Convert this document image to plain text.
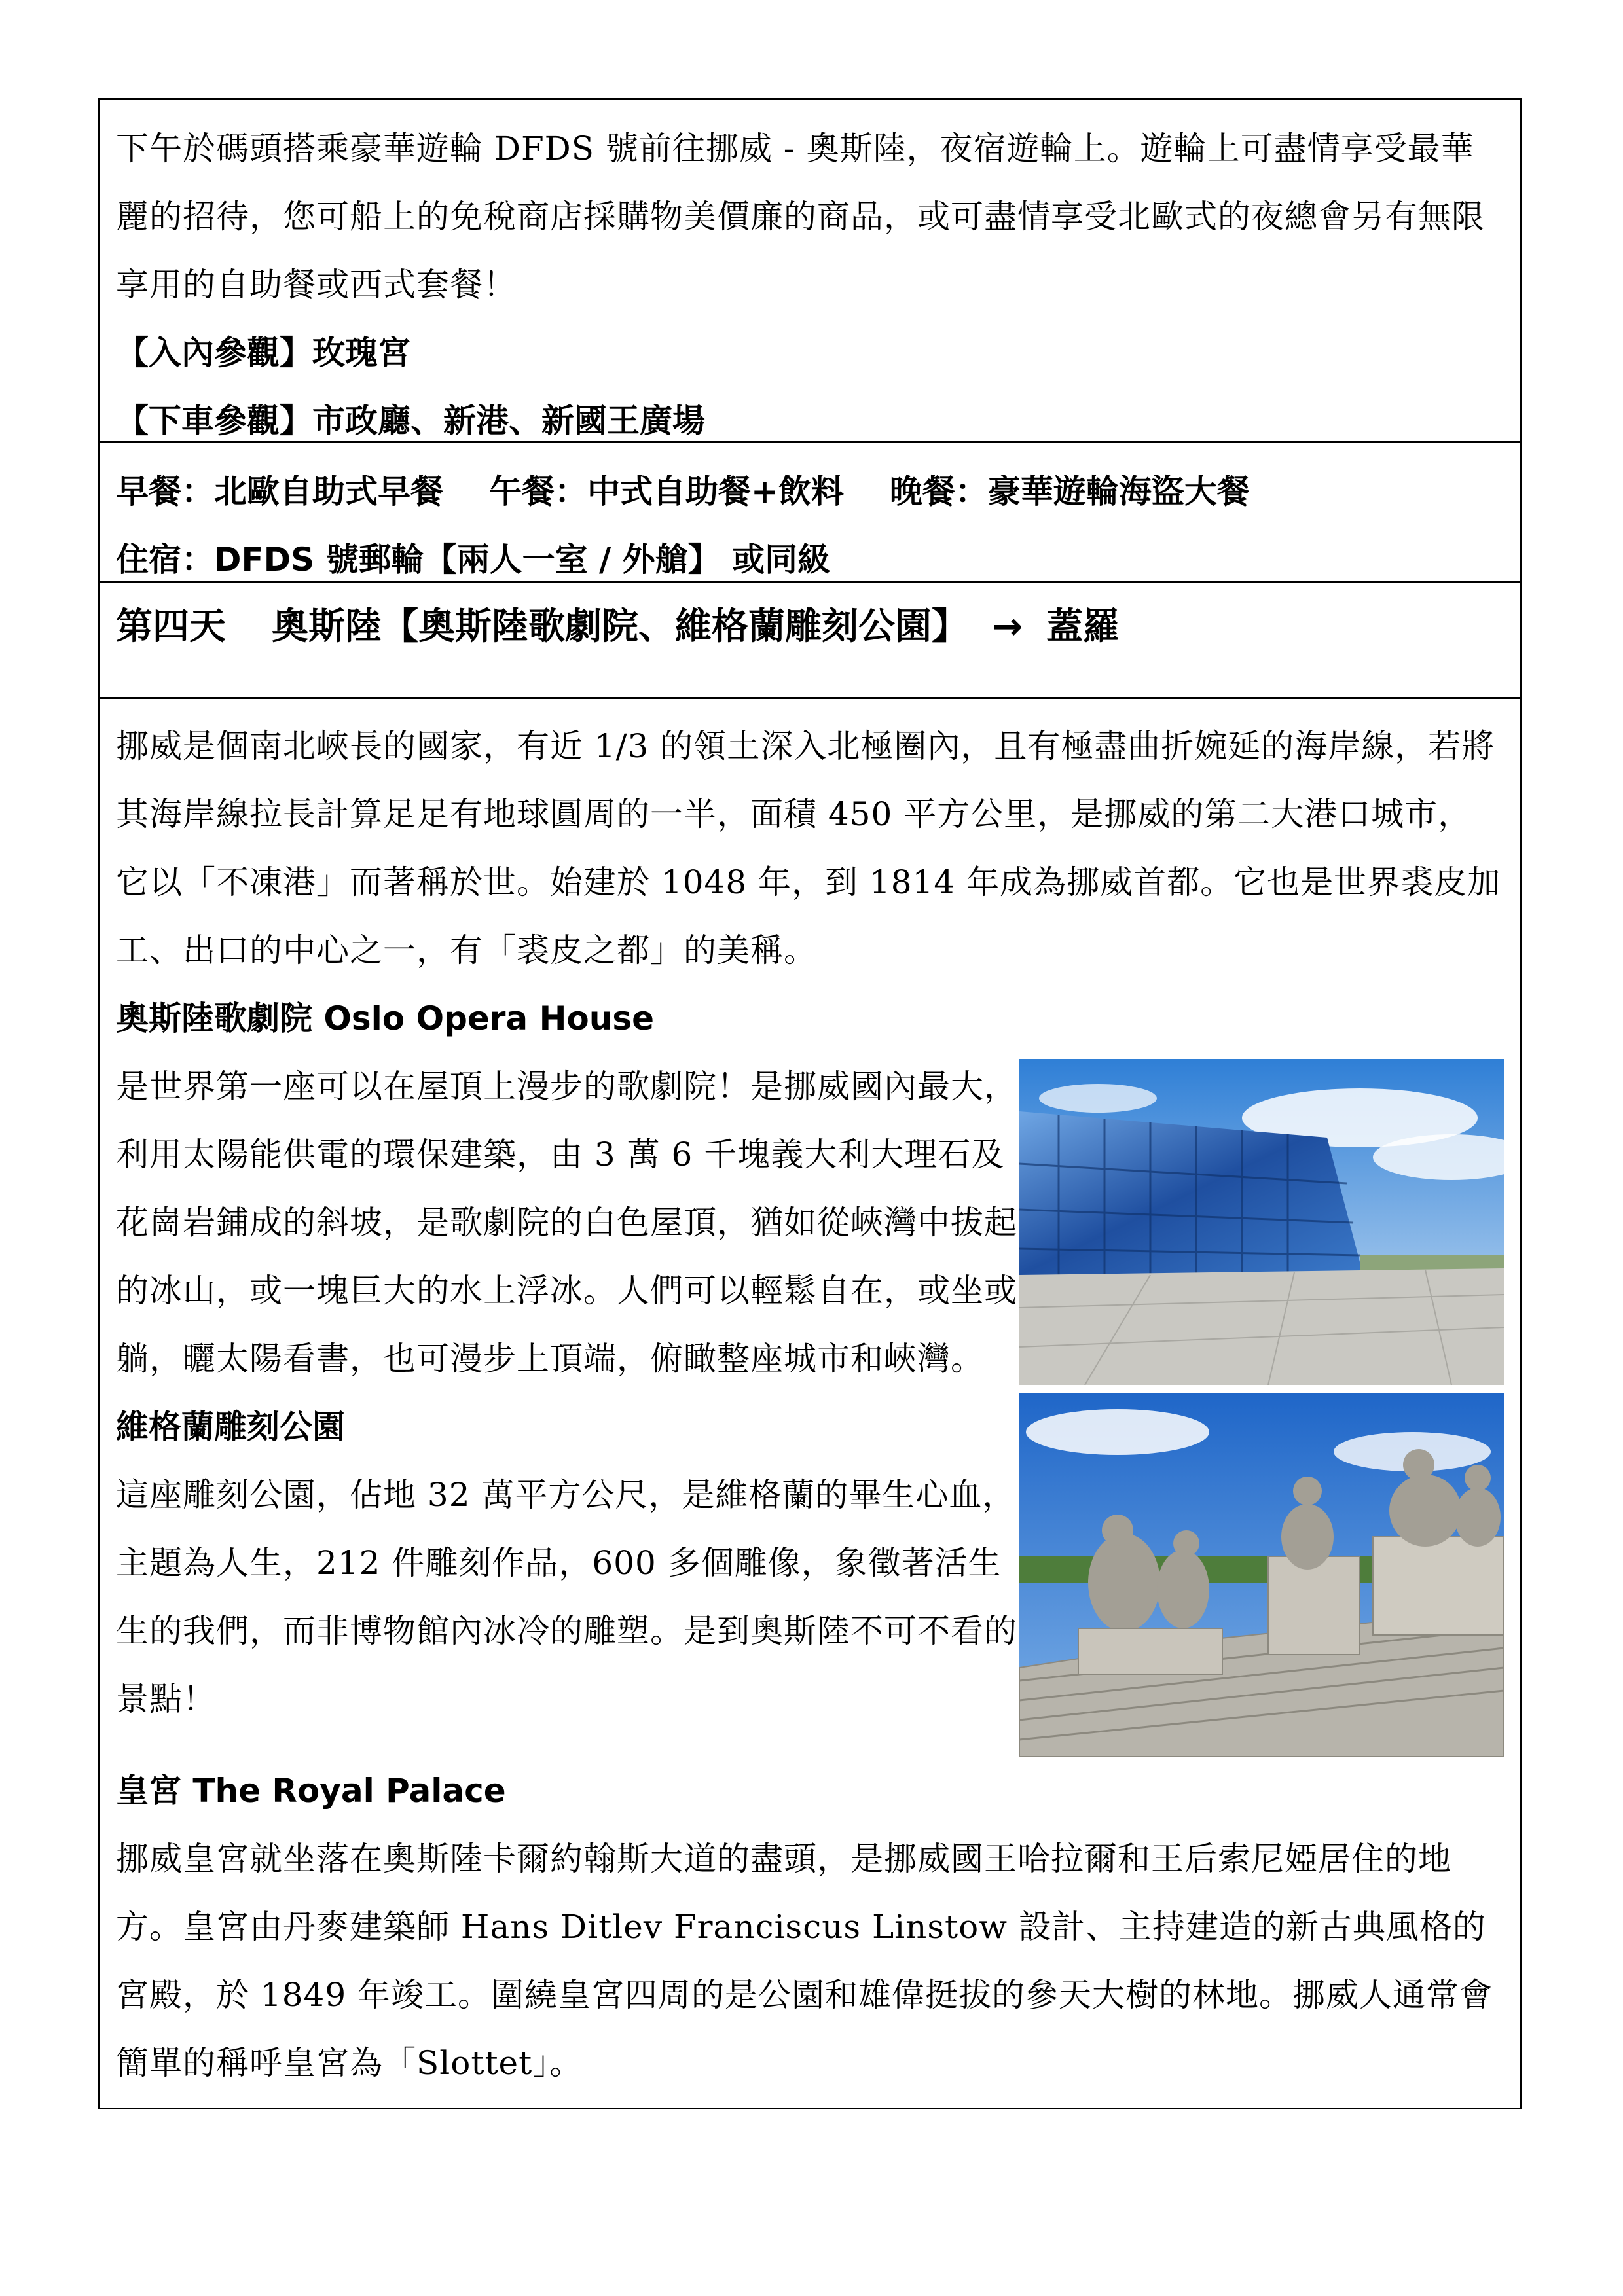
下午於碼頭搭乘豪華遊輪 DFDS 號前往挪威 - 奧斯陸，夜宿遊輪上。遊輪上可盡情享受最華麗的招待，您可船上的免稅商店採購物美價廉的商品，或可盡情享受北歐式的夜總會另有無限享用的自助餐或西式套餐！

【入內參觀】玫瑰宮

【下車參觀】市政廳、新港、新國王廣場

早餐：北歐自助式早餐 午餐：中式自助餐+飲料 晚餐：豪華遊輪海盜大餐

住宿：DFDS 號郵輪【兩人一室 / 外艙】 或同級

第四天 奧斯陸【奧斯陸歌劇院、維格蘭雕刻公園】 → 蓋羅

挪威是個南北峽長的國家，有近 1/3 的領土深入北極圈內，且有極盡曲折婉延的海岸線，若將其海岸線拉長計算足足有地球圓周的一半，面積 450 平方公里，是挪威的第二大港口城市，它以「不凍港」而著稱於世。始建於 1048 年，到 1814 年成為挪威首都。它也是世界裘皮加工、出口的中心之一，有「裘皮之都」的美稱。

奧斯陸歌劇院 Oslo Opera House

是世界第一座可以在屋頂上漫步的歌劇院！是挪威國內最大，利用太陽能供電的環保建築，由 3 萬 6 千塊義大利大理石及花崗岩鋪成的斜坡，是歌劇院的白色屋頂，猶如從峽灣中拔起的冰山，或一塊巨大的水上浮冰。人們可以輕鬆自在，或坐或躺，曬太陽看書，也可漫步上頂端，俯瞰整座城市和峽灣。

維格蘭雕刻公園

這座雕刻公園，佔地 32 萬平方公尺，是維格蘭的畢生心血，主題為人生，212 件雕刻作品，600 多個雕像，象徵著活生生的我們，而非博物館內冰冷的雕塑。是到奧斯陸不可不看的景點！

皇宮 The Royal Palace

挪威皇宮就坐落在奧斯陸卡爾約翰斯大道的盡頭，是挪威國王哈拉爾和王后索尼婭居住的地方。皇宮由丹麥建築師 Hans Ditlev Franciscus Linstow 設計、主持建造的新古典風格的宮殿，於 1849 年竣工。圍繞皇宮四周的是公園和雄偉挺拔的參天大樹的林地。挪威人通常會簡單的稱呼皇宮為「Slottet」。
